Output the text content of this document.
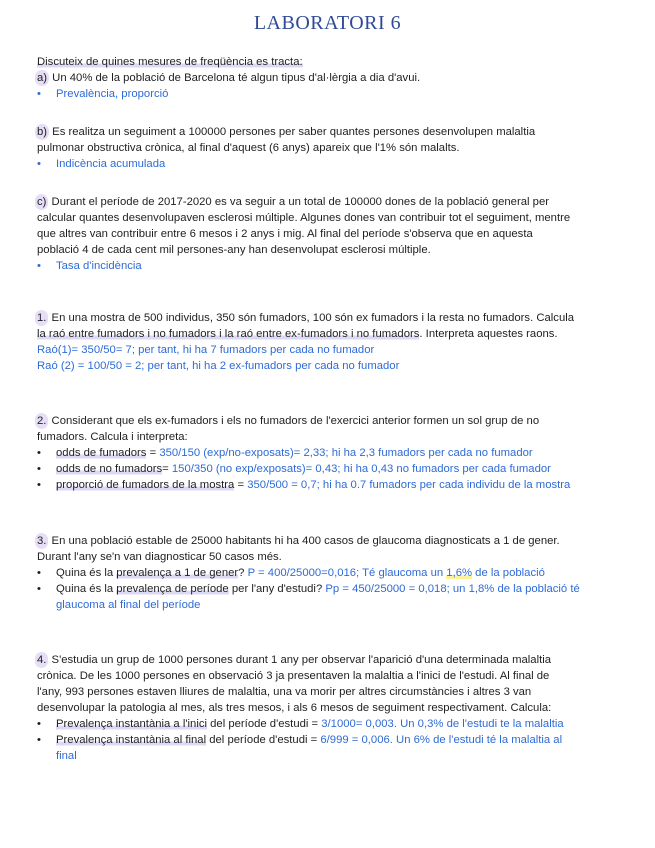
LABORATORI 6

Discuteix de quines mesures de freqüència es tracta:

a) Un 40% de la població de Barcelona té algun tipus d'al·lèrgia a dia d'avui.

• Prevalència, proporció

b) Es realitza un seguiment a 100000 persones per saber quantes persones desenvolupen malaltia

pulmonar obstructiva crònica, al final d'aquest (6 anys) apareix que l'1% són malalts.

• Indicència acumulada

c) Durant el període de 2017-2020 es va seguir a un total de 100000 dones de la població general per

calcular quantes desenvolupaven esclerosi múltiple. Algunes dones van contribuir tot el seguiment, mentre

que altres van contribuir entre 6 mesos i 2 anys i mig. Al final del període s'observa que en aquesta

població 4 de cada cent mil persones-any han desenvolupat esclerosi múltiple.

• Tasa d'incidència

1. En una mostra de 500 individus, 350 són fumadors, 100 són ex fumadors i la resta no fumadors. Calcula

la raó entre fumadors i no fumadors i la raó entre ex-fumadors i no fumadors. Interpreta aquestes raons.

Raó(1)= 350/50= 7; per tant, hi ha 7 fumadors per cada no fumador

Raó (2) = 100/50 = 2; per tant, hi ha 2 ex-fumadors per cada no fumador

2. Considerant que els ex-fumadors i els no fumadors de l'exercici anterior formen un sol grup de no

fumadors. Calcula i interpreta:

• odds de fumadors = 350/150 (exp/no-exposats)= 2,33; hi ha 2,3 fumadors per cada no fumador
• odds de no fumadors= 150/350 (no exp/exposats)= 0,43; hi ha 0,43 no fumadors per cada fumador
• proporció de fumadors de la mostra = 350/500 = 0,7; hi ha 0.7 fumadors per cada individu de la mostra

3. En una població estable de 25000 habitants hi ha 400 casos de glaucoma diagnosticats a 1 de gener.

Durant l'any se'n van diagnosticar 50 casos més.

• Quina és la prevalença a 1 de gener? P = 400/25000=0,016; Té glaucoma un 1,6% de la població
• Quina és la prevalença de període per l'any d'estudi? Pp = 450/25000 = 0,018; un 1,8% de la població té
glaucoma al final del període

4. S'estudia un grup de 1000 persones durant 1 any per observar l'aparició d'una determinada malaltia

crònica. De les 1000 persones en observació 3 ja presentaven la malaltia a l'inici de l'estudi. Al final de

l'any, 993 persones estaven lliures de malaltia, una va morir per altres circumstàncies i altres 3 van

desenvolupar la patologia al mes, als tres mesos, i als 6 mesos de seguiment respectivament. Calcula:

• Prevalença instantània a l'inici del període d'estudi = 3/1000= 0,003. Un 0,3% de l'estudi te la malaltia
• Prevalença instantània al final del període d'estudi = 6/999 = 0,006. Un 6% de l'estudi té la malaltia al
final
